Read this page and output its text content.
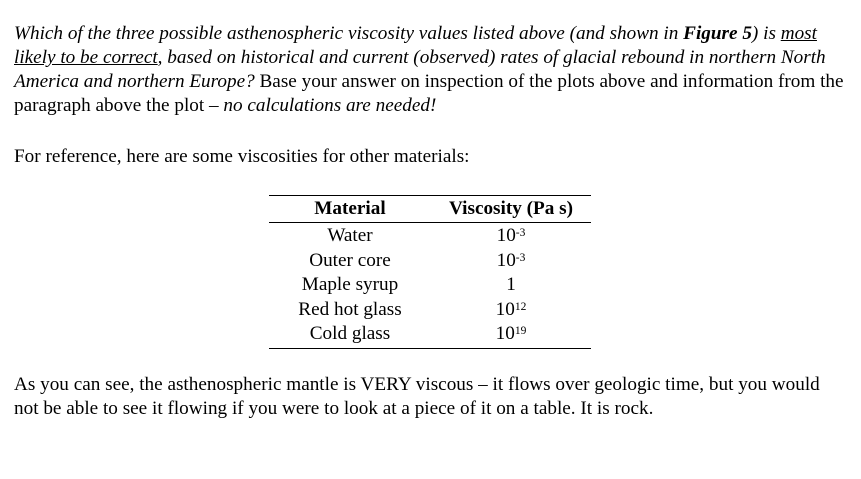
Which of the three possible asthenospheric viscosity values listed above (and shown in Figure 5) is most likely to be correct, based on historical and current (observed) rates of glacial rebound in northern North America and northern Europe? Base your answer on inspection of the plots above and information from the paragraph above the plot – no calculations are needed!

For reference, here are some viscosities for other materials:

Material	Viscosity (Pa s)
Water	$10^{-3}$
Outer core	$10^{-3}$
Maple syrup	1
Red hot glass	$10^{12}$
Cold glass	$10^{19}$

As you can see, the asthenospheric mantle is VERY viscous – it flows over geologic time, but you would not be able to see it flowing if you were to look at a piece of it on a table. It is rock.
